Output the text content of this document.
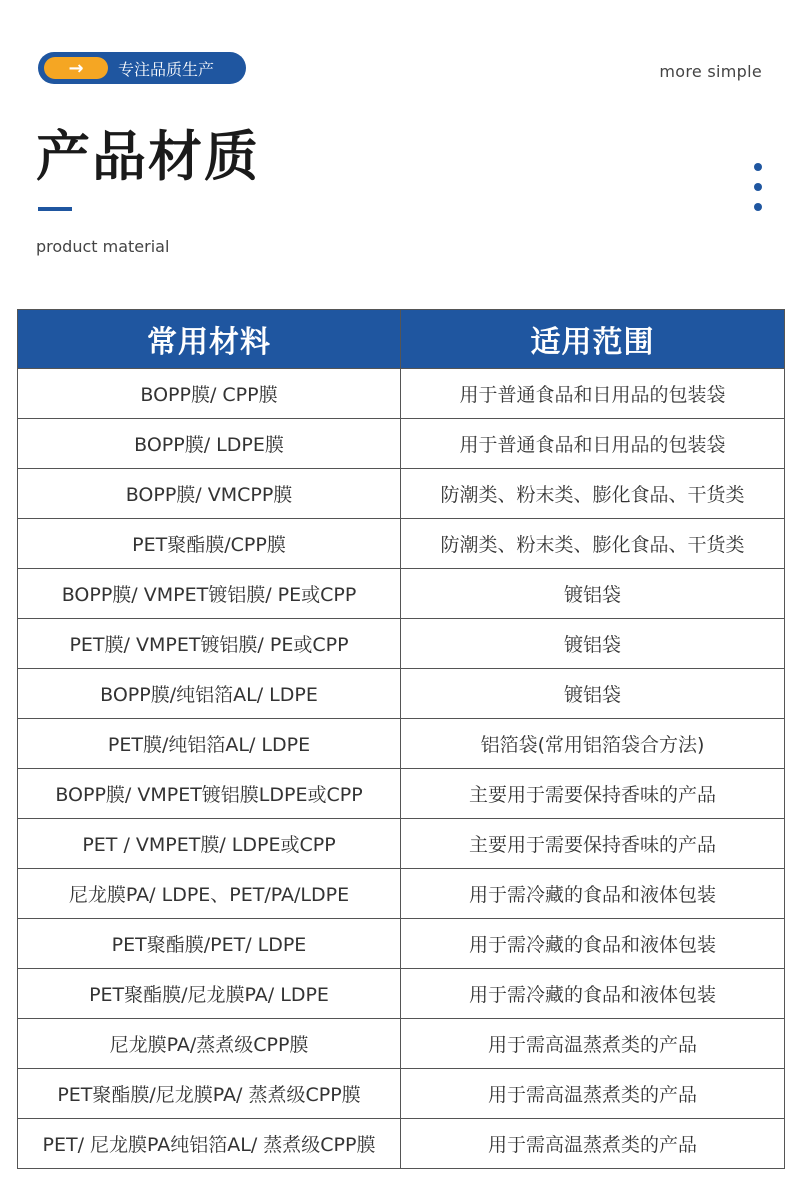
→	专注品质生产	more simple
产品材质
product material
常用材料	适用范围
BOPP膜/ CPP膜	用于普通食品和日用品的包装袋
BOPP膜/ LDPE膜	用于普通食品和日用品的包装袋
BOPP膜/ VMCPP膜	防潮类、粉末类、膨化食品、干货类
PET聚酯膜/CPP膜	防潮类、粉末类、膨化食品、干货类
BOPP膜/ VMPET镀铝膜/ PE或CPP	镀铝袋
PET膜/ VMPET镀铝膜/ PE或CPP	镀铝袋
BOPP膜/纯铝箔AL/ LDPE	镀铝袋
PET膜/纯铝箔AL/ LDPE	铝箔袋(常用铝箔袋合方法)
BOPP膜/ VMPET镀铝膜LDPE或CPP	主要用于需要保持香味的产品
PET / VMPET膜/ LDPE或CPP	主要用于需要保持香味的产品
尼龙膜PA/ LDPE、PET/PA/LDPE	用于需冷藏的食品和液体包装
PET聚酯膜/PET/ LDPE	用于需冷藏的食品和液体包装
PET聚酯膜/尼龙膜PA/ LDPE	用于需冷藏的食品和液体包装
尼龙膜PA/蒸煮级CPP膜	用于需高温蒸煮类的产品
PET聚酯膜/尼龙膜PA/ 蒸煮级CPP膜	用于需高温蒸煮类的产品
PET/ 尼龙膜PA纯铝箔AL/ 蒸煮级CPP膜	用于需高温蒸煮类的产品
